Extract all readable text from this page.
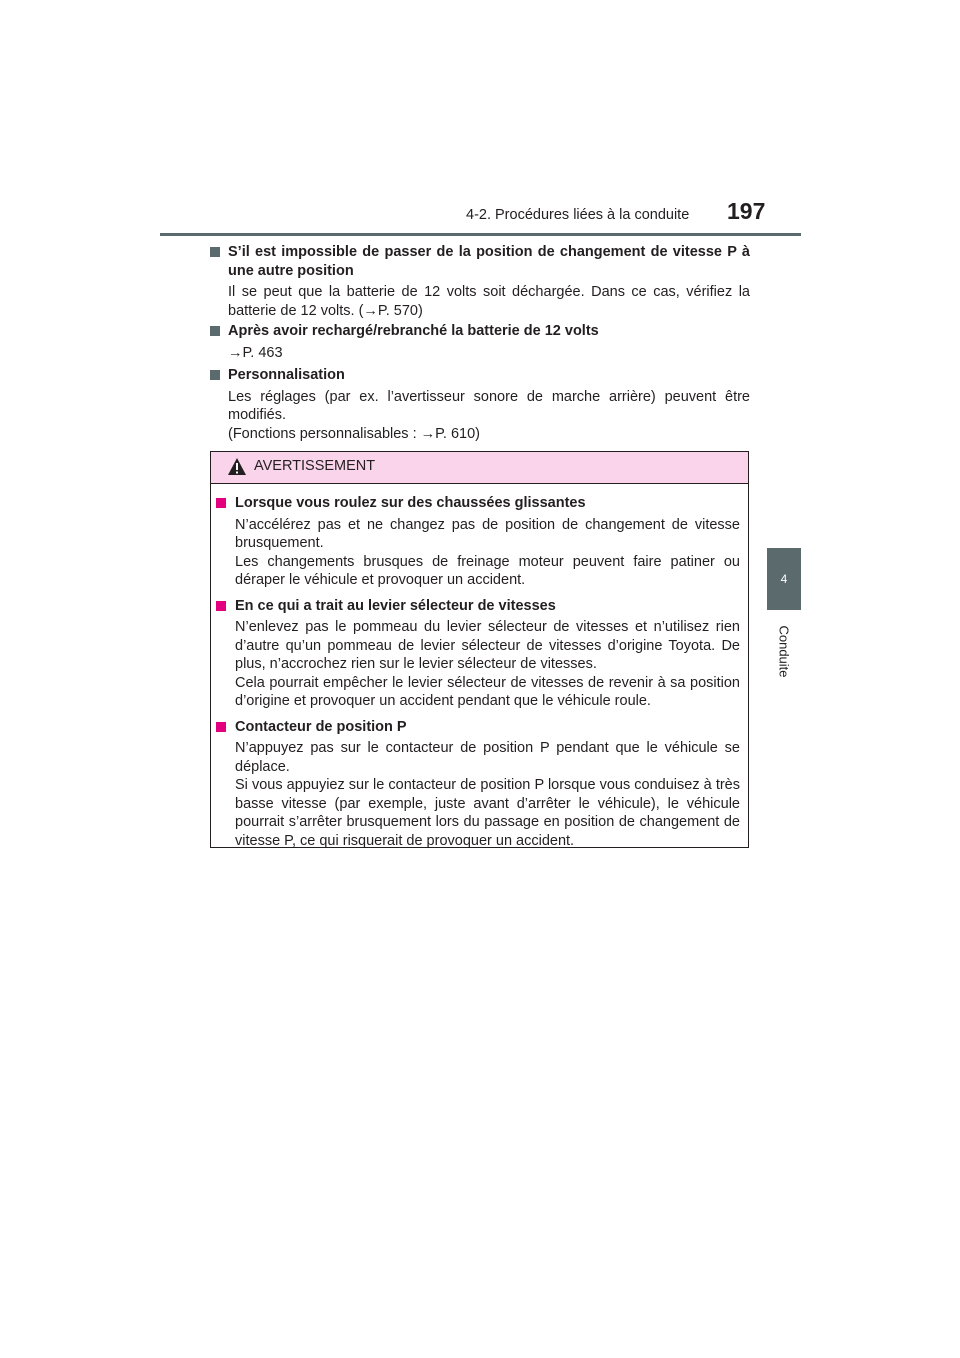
4-2. Procédures liées à la conduite 197
4
Conduite
S’il est impossible de passer de la position de changement de vitesse P à une autre position

Il se peut que la batterie de 12 volts soit déchargée. Dans ce cas, vérifiez la batterie de 12 volts. (→P. 570)

Après avoir rechargé/rebranché la batterie de 12 volts

→P. 463

Personnalisation

Les réglages (par ex. l’avertisseur sonore de marche arrière) peuvent être modifiés.

(Fonctions personnalisables : →P. 610)

AVERTISSEMENT
Lorsque vous roulez sur des chaussées glissantes

N’accélérez pas et ne changez pas de position de changement de vitesse brusquement.

Les changements brusques de freinage moteur peuvent faire patiner ou déraper le véhicule et provoquer un accident.

En ce qui a trait au levier sélecteur de vitesses

N’enlevez pas le pommeau du levier sélecteur de vitesses et n’utilisez rien d’autre qu’un pommeau de levier sélecteur de vitesses d’origine Toyota. De plus, n’accrochez rien sur le levier sélecteur de vitesses.

Cela pourrait empêcher le levier sélecteur de vitesses de revenir à sa position d’origine et provoquer un accident pendant que le véhicule roule.

Contacteur de position P

N’appuyez pas sur le contacteur de position P pendant que le véhicule se déplace.

Si vous appuyiez sur le contacteur de position P lorsque vous conduisez à très basse vitesse (par exemple, juste avant d’arrêter le véhicule), le véhicule pourrait s’arrêter brusquement lors du passage en position de changement de vitesse P, ce qui risquerait de provoquer un accident.
